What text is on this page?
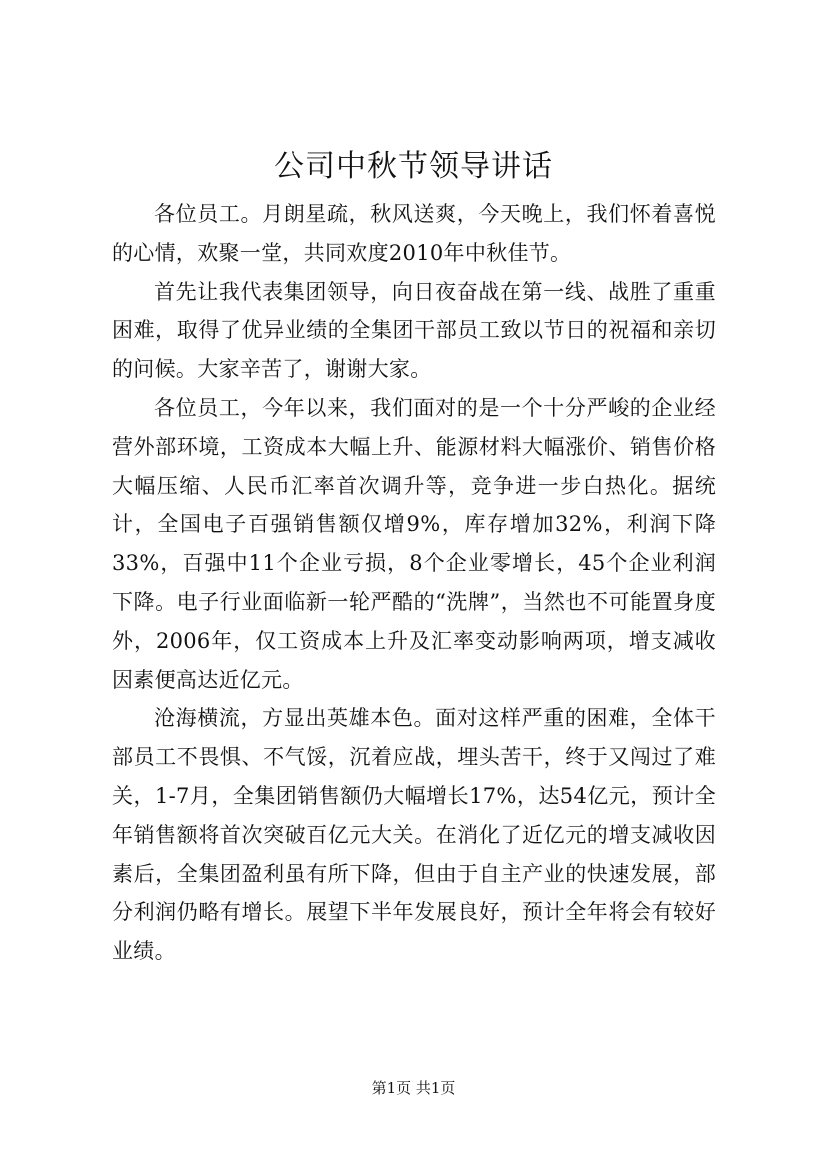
公司中秋节领导讲话

各位员工。月朗星疏，秋风送爽，今天晚上，我们怀着喜悦的心情，欢聚一堂，共同欢度2010年中秋佳节。

首先让我代表集团领导，向日夜奋战在第一线、战胜了重重困难，取得了优异业绩的全集团干部员工致以节日的祝福和亲切的问候。大家辛苦了，谢谢大家。

各位员工，今年以来，我们面对的是一个十分严峻的企业经营外部环境，工资成本大幅上升、能源材料大幅涨价、销售价格大幅压缩、人民币汇率首次调升等，竞争进一步白热化。据统计，全国电子百强销售额仅增9%，库存增加32%，利润下降33%，百强中11个企业亏损，8个企业零增长，45个企业利润下降。电子行业面临新一轮严酷的“洗牌”，当然也不可能置身度外，2006年，仅工资成本上升及汇率变动影响两项，增支减收因素便高达近亿元。

沧海横流，方显出英雄本色。面对这样严重的困难，全体干部员工不畏惧、不气馁，沉着应战，埋头苦干，终于又闯过了难关，1-7月，全集团销售额仍大幅增长17%，达54亿元，预计全年销售额将首次突破百亿元大关。在消化了近亿元的增支减收因素后，全集团盈利虽有所下降，但由于自主产业的快速发展，部分利润仍略有增长。展望下半年发展良好，预计全年将会有较好业绩。

第1页 共1页
